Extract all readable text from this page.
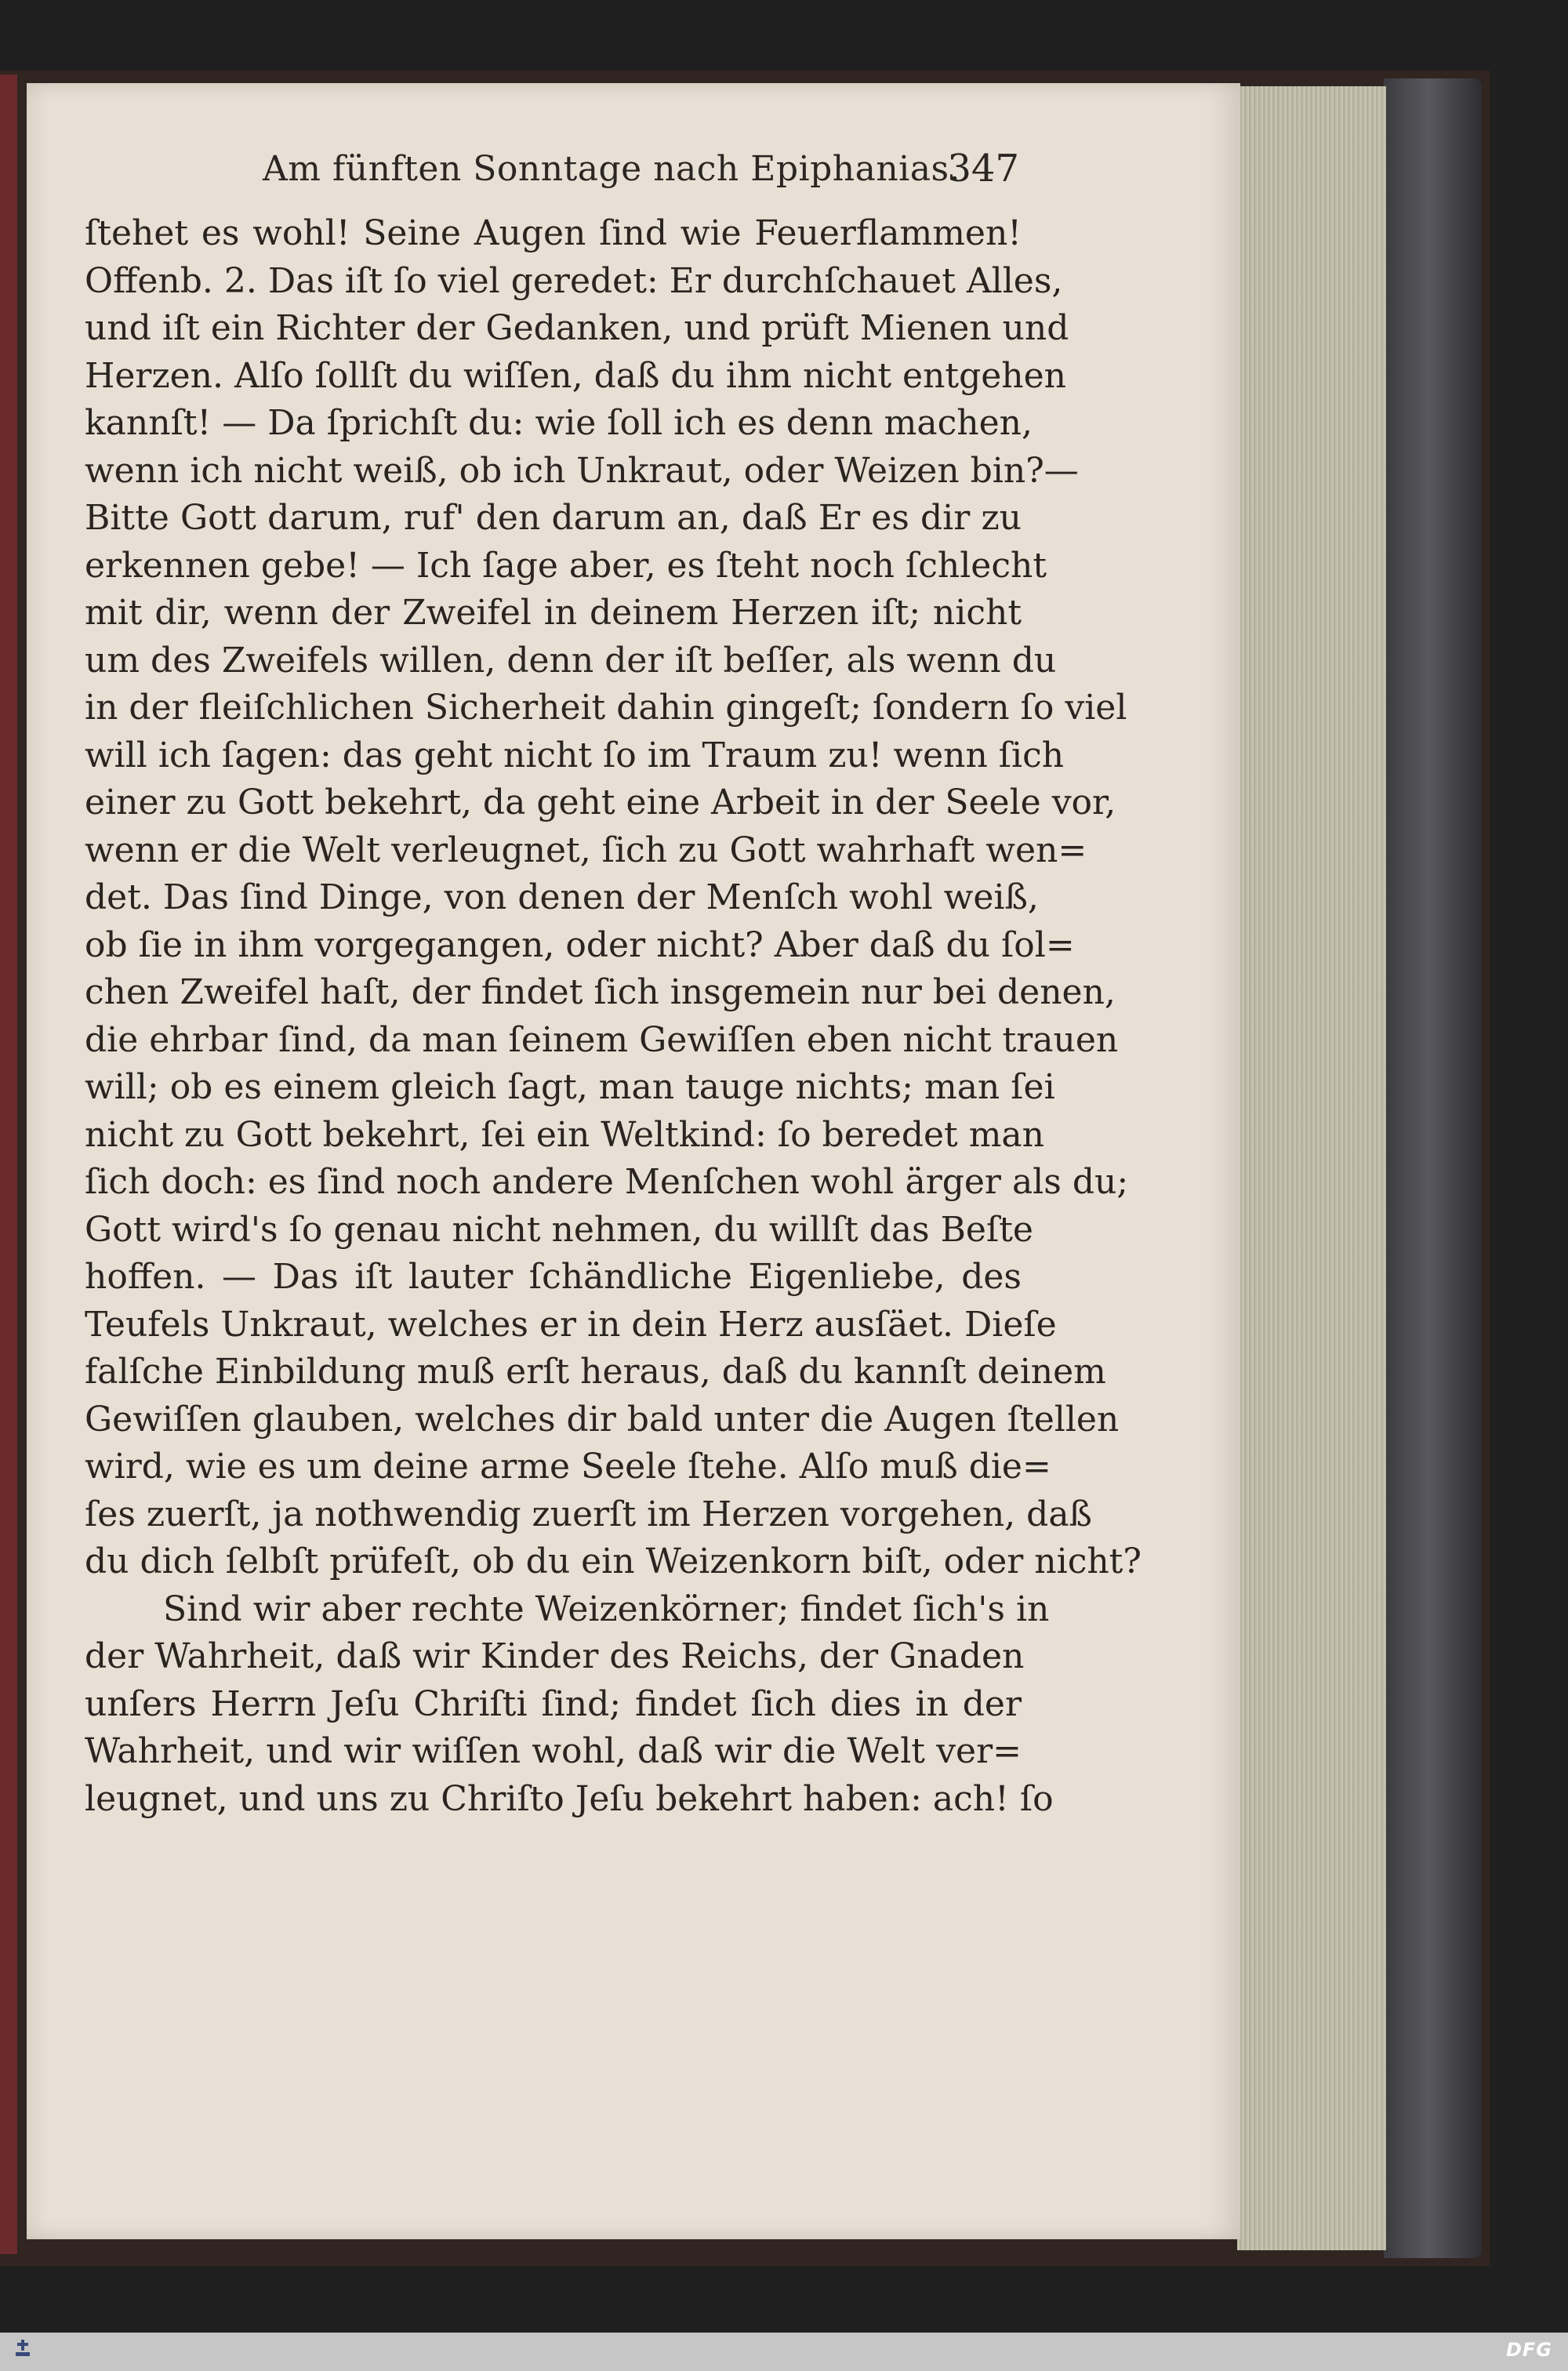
Am fünften Sonntage nach Epiphanias.
347
ſtehet es wohl! Seine Augen ſind wie Feuerflammen!
Offenb. 2. Das iſt ſo viel geredet: Er durchſchauet Alles,
und iſt ein Richter der Gedanken, und prüft Mienen und
Herzen. Alſo ſollſt du wiſſen, daß du ihm nicht entgehen
kannſt! — Da ſprichſt du: wie ſoll ich es denn machen,
wenn ich nicht weiß, ob ich Unkraut, oder Weizen bin?—
Bitte Gott darum, ruf' den darum an, daß Er es dir zu
erkennen gebe! — Ich ſage aber, es ſteht noch ſchlecht
mit dir, wenn der Zweifel in deinem Herzen iſt; nicht
um des Zweifels willen, denn der iſt beſſer, als wenn du
in der fleiſchlichen Sicherheit dahin gingeſt; ſondern ſo viel
will ich ſagen: das geht nicht ſo im Traum zu! wenn ſich
einer zu Gott bekehrt, da geht eine Arbeit in der Seele vor,
wenn er die Welt verleugnet, ſich zu Gott wahrhaft wen=
det. Das ſind Dinge, von denen der Menſch wohl weiß,
ob ſie in ihm vorgegangen, oder nicht? Aber daß du ſol=
chen Zweifel haſt, der findet ſich insgemein nur bei denen,
die ehrbar ſind, da man ſeinem Gewiſſen eben nicht trauen
will; ob es einem gleich ſagt, man tauge nichts; man ſei
nicht zu Gott bekehrt, ſei ein Weltkind: ſo beredet man
ſich doch: es ſind noch andere Menſchen wohl ärger als du;
Gott wird's ſo genau nicht nehmen, du willſt das Beſte
hoffen. — Das iſt lauter ſchändliche Eigenliebe, des
Teufels Unkraut, welches er in dein Herz ausſäet. Dieſe
falſche Einbildung muß erſt heraus, daß du kannſt deinem
Gewiſſen glauben, welches dir bald unter die Augen ſtellen
wird, wie es um deine arme Seele ſtehe. Alſo muß die=
ſes zuerſt, ja nothwendig zuerſt im Herzen vorgehen, daß
du dich ſelbſt prüfeſt, ob du ein Weizenkorn biſt, oder nicht?
Sind wir aber rechte Weizenkörner; findet ſich's in
der Wahrheit, daß wir Kinder des Reichs, der Gnaden
unſers Herrn Jeſu Chriſti ſind; findet ſich dies in der
Wahrheit, und wir wiſſen wohl, daß wir die Welt ver=
leugnet, und uns zu Chriſto Jeſu bekehrt haben: ach! ſo
DFG
